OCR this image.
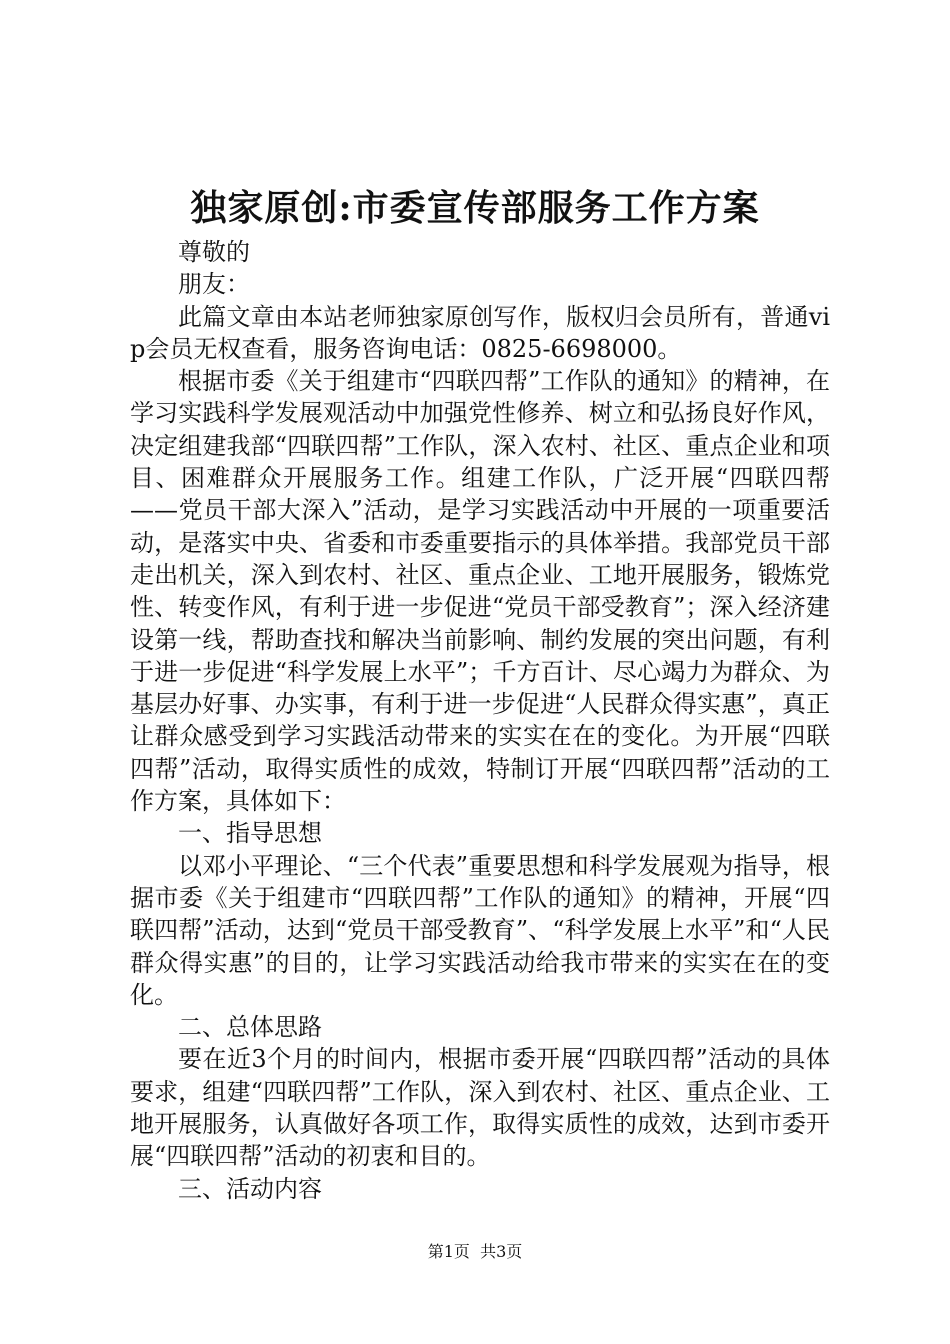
独家原创:市委宣传部服务工作方案

尊敬的

朋友：

此篇文章由本站老师独家原创写作，版权归会员所有，普通vip会员无权查看，服务咨询电话：0825-6698000。

根据市委《关于组建市“四联四帮”工作队的通知》的精神，在学习实践科学发展观活动中加强党性修养、树立和弘扬良好作风，决定组建我部“四联四帮”工作队，深入农村、社区、重点企业和项目、困难群众开展服务工作。组建工作队，广泛开展“四联四帮——党员干部大深入”活动，是学习实践活动中开展的一项重要活动，是落实中央、省委和市委重要指示的具体举措。我部党员干部走出机关，深入到农村、社区、重点企业、工地开展服务，锻炼党性、转变作风，有利于进一步促进“党员干部受教育”；深入经济建设第一线，帮助查找和解决当前影响、制约发展的突出问题，有利于进一步促进“科学发展上水平”；千方百计、尽心竭力为群众、为基层办好事、办实事，有利于进一步促进“人民群众得实惠”，真正让群众感受到学习实践活动带来的实实在在的变化。为开展“四联四帮”活动，取得实质性的成效，特制订开展“四联四帮”活动的工作方案，具体如下：

一、指导思想

以邓小平理论、“三个代表”重要思想和科学发展观为指导，根据市委《关于组建市“四联四帮”工作队的通知》的精神，开展“四联四帮”活动，达到“党员干部受教育”、“科学发展上水平”和“人民群众得实惠”的目的，让学习实践活动给我市带来的实实在在的变化。

二、总体思路

要在近3个月的时间内，根据市委开展“四联四帮”活动的具体要求，组建“四联四帮”工作队，深入到农村、社区、重点企业、工地开展服务，认真做好各项工作，取得实质性的成效，达到市委开展“四联四帮”活动的初衷和目的。

三、活动内容

第1页 共3页
